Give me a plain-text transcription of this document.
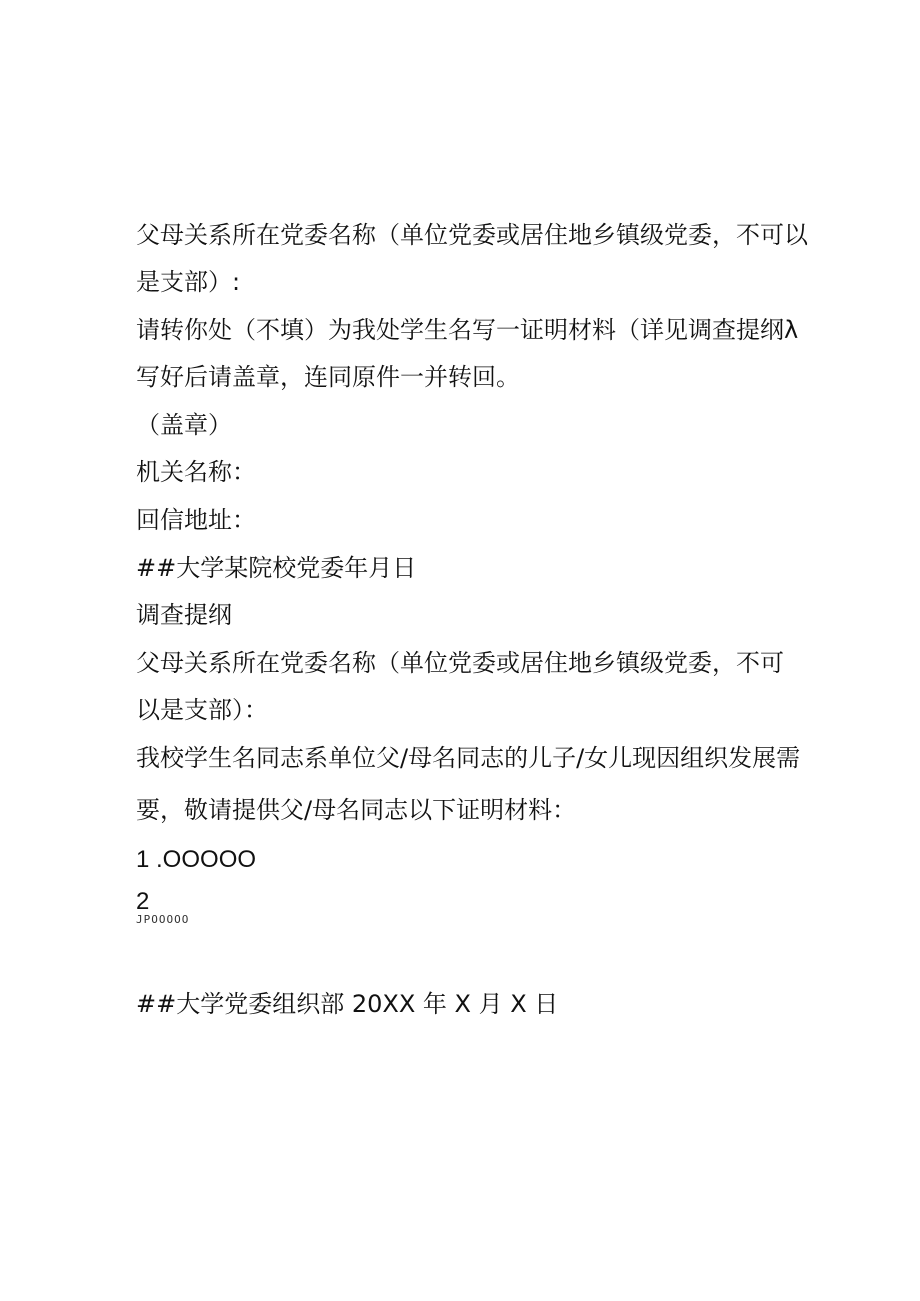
父母关系所在党委名称（单位党委或居住地乡镇级党委，不可以
是支部）:
请转你处（不填）为我处学生名写一证明材料（详见调查提纲λ
写好后请盖章，连同原件一并转回。
（盖章）
机关名称：
回信地址：
##大学某院校党委年月日
调查提纲
父母关系所在党委名称（单位党委或居住地乡镇级党委，不可
以是支部）：
我校学生名同志系单位父/母名同志的儿子/女儿现因组织发展需
要，敬请提供父/母名同志以下证明材料：
1 .OOOOO
2
JPOOOOO
##大学党委组织部 20XX 年 X 月 X 日
